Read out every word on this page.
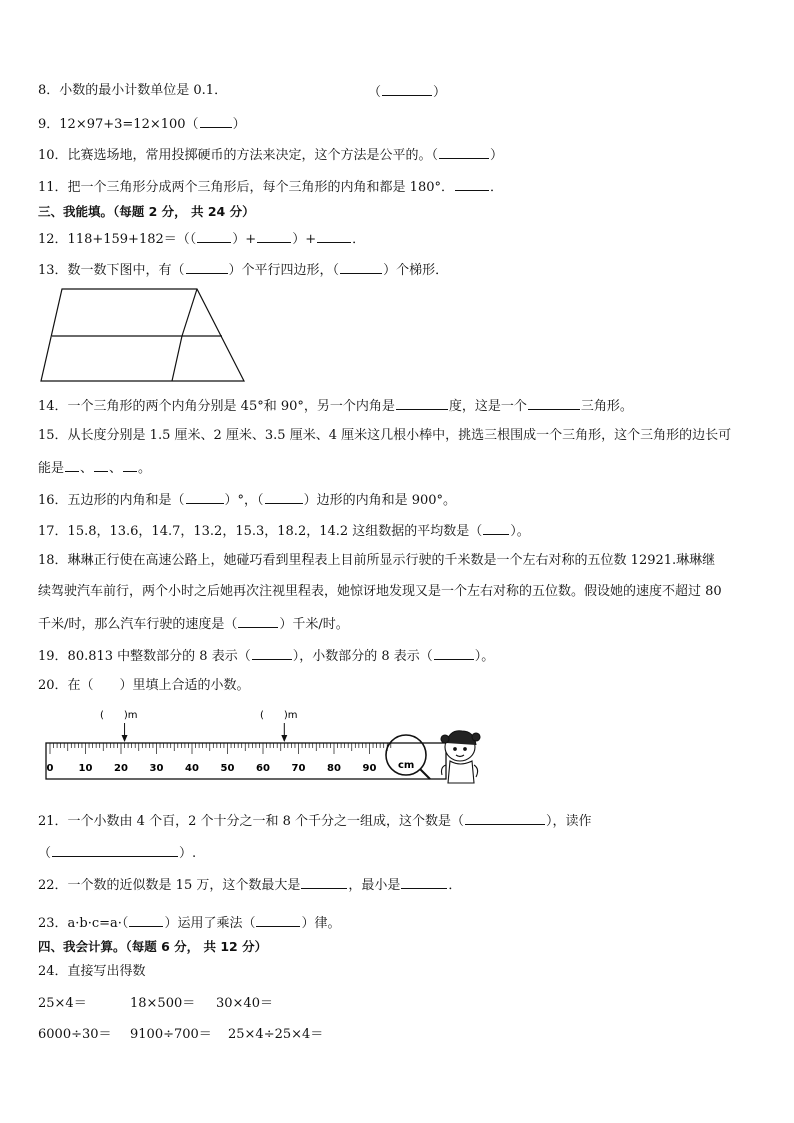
8．小数的最小计数单位是 0.1．	（	）
9．12×97+3=12×100（	）
10．比赛选场地，常用投掷硬币的方法来决定，这个方法是公平的。（	）
11．把一个三角形分成两个三角形后，每个三角形的内角和都是 180°．	．
三、我能填。（每题 2 分， 共 24 分）
12．118+159+182＝（（	）+	）+	．
13．数一数下图中，有（	）个平行四边形，（	）个梯形．
14．一个三角形的两个内角分别是 45°和 90°，另一个内角是	度，这是一个	三角形。
15．从长度分别是 1.5 厘米、2 厘米、3.5 厘米、4 厘米这几根小棒中，挑选三根围成一个三角形，这个三角形的边长可
能是 、 、 。
16．五边形的内角和是（	）°，（	）边形的内角和是 900°。
17．15.8，13.6，14.7，13.2，15.3，18.2，14.2 这组数据的平均数是（ ）。
18．琳琳正行使在高速公路上，她碰巧看到里程表上目前所显示行驶的千米数是一个左右对称的五位数 12921.琳琳继
续驾驶汽车前行，两个小时之后她再次注视里程表，她惊讶地发现又是一个左右对称的五位数。假设她的速度不超过 80
千米/时，那么汽车行驶的速度是（	）千米/时。
19．80.813 中整数部分的 8 表示（	），小数部分的 8 表示（	）。
20．在（　　）里填上合适的小数。
(　　)m	(　　)m
0	10 20 30 40 50 60 70 80 90 cm
21．一个小数由 4 个百，2 个十分之一和 8 个千分之一组成，这个数是（	），读作
（	）.
22．一个数的近似数是 15 万，这个数最大是	，最小是	．
23．a·b·c=a·（	）运用了乘法（	）律。
四、我会计算。（每题 6 分， 共 12 分）
24．直接写出得数
25×4＝	18×500＝ 30×40＝
6000÷30＝ 9100÷700＝ 25×4÷25×4＝
